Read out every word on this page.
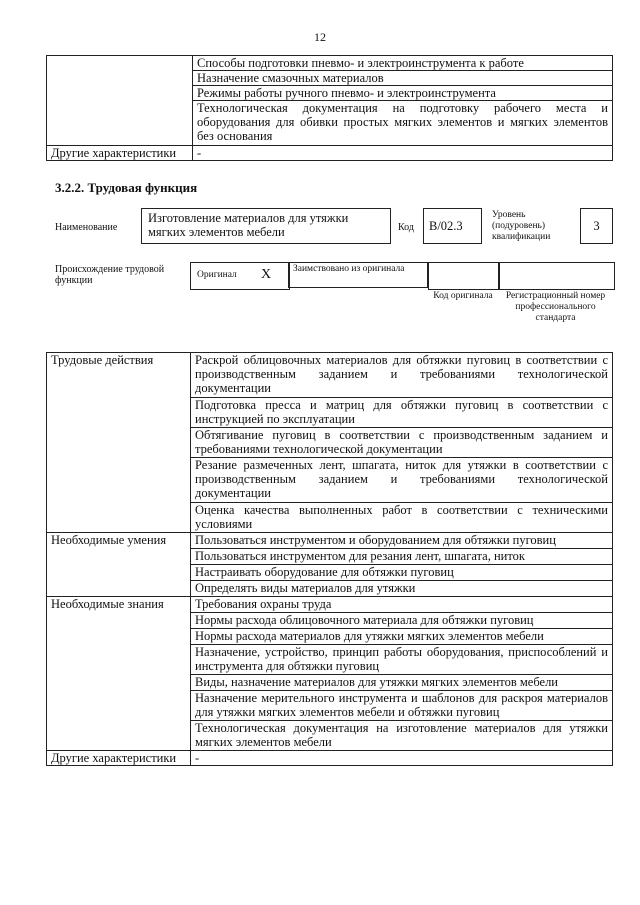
12
	Способы подготовки пневмо- и электроинструмента к работе
	Назначение смазочных материалов
	Режимы работы ручного пневмо- и электроинструмента
	Технологическая документация на подготовку рабочего места и оборудования для обивки простых мягких элементов и мягких элементов без основания
Другие характеристики	-
3.2.2. Трудовая функция
Наименование
Изготовление материалов для утяжки мягких элементов мебели	Код	B/02.3
Уровень (подуровень) квалификации
3
Происхождение трудовой функции	Оригинал X	Заимствовано из оригинала
Код оригинала	Регистрационный номер профессионального стандарта
Трудовые действия	Раскрой облицовочных материалов для обтяжки пуговиц в соответствии с производственным заданием и требованиями технологической документации
	Подготовка пресса и матриц для обтяжки пуговиц в соответствии с инструкцией по эксплуатации
	Обтягивание пуговиц в соответствии с производственным заданием и требованиями технологической документации
	Резание размеченных лент, шпагата, ниток для утяжки в соответствии с производственным заданием и требованиями технологической документации
	Оценка качества выполненных работ в соответствии с техническими условиями
Необходимые умения	Пользоваться инструментом и оборудованием для обтяжки пуговиц
	Пользоваться инструментом для резания лент, шпагата, ниток
	Настраивать оборудование для обтяжки пуговиц
	Определять виды материалов для утяжки
Необходимые знания	Требования охраны труда
	Нормы расхода облицовочного материала для обтяжки пуговиц
	Нормы расхода материалов для утяжки мягких элементов мебели
	Назначение, устройство, принцип работы оборудования, приспособлений и инструмента для обтяжки пуговиц
	Виды, назначение материалов для утяжки мягких элементов мебели
	Назначение мерительного инструмента и шаблонов для раскроя материалов для утяжки мягких элементов мебели и обтяжки пуговиц
	Технологическая документация на изготовление материалов для утяжки мягких элементов мебели
Другие характеристики	-
